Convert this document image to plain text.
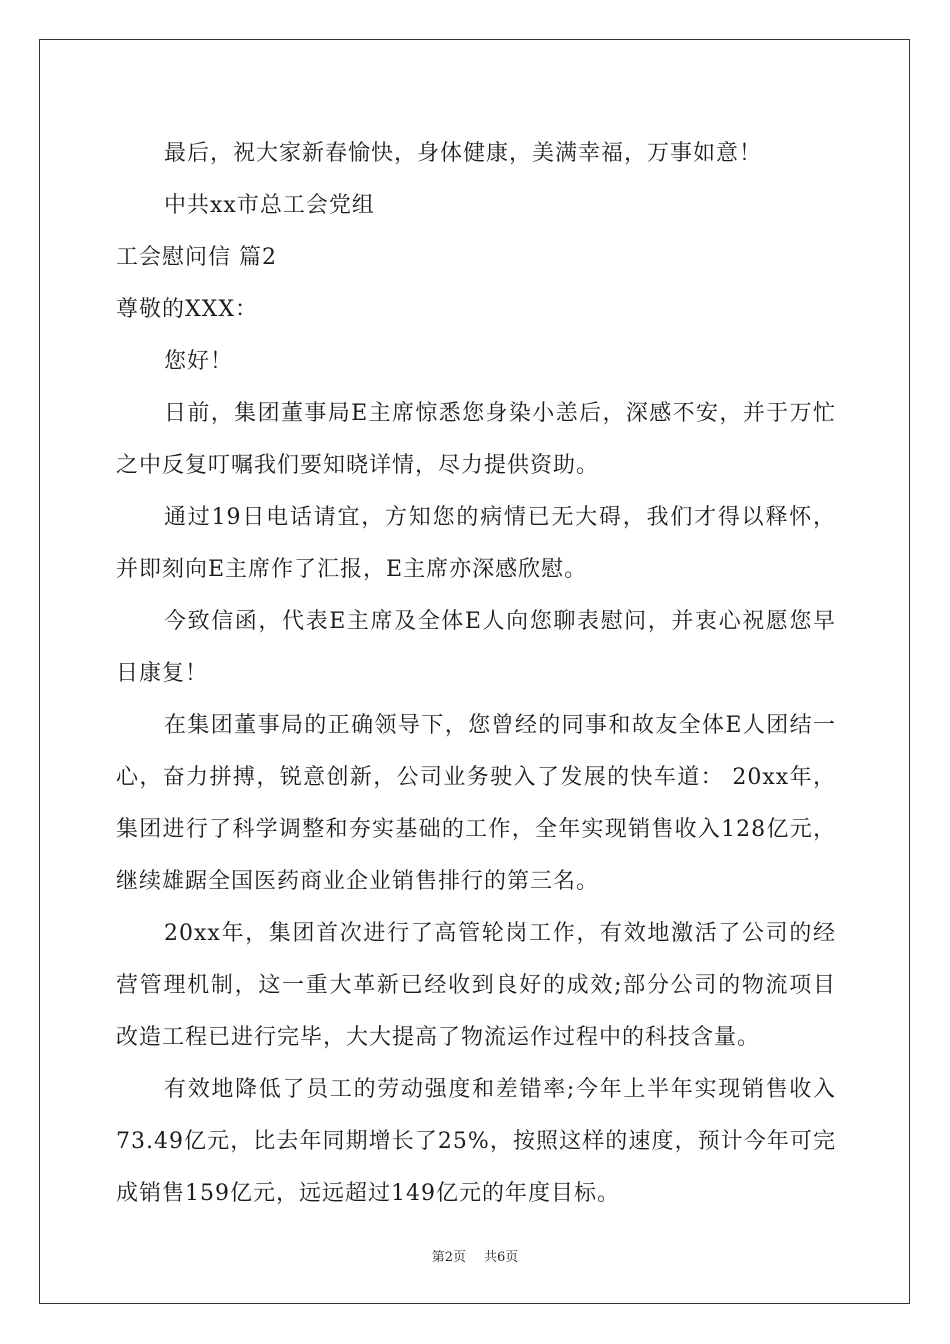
最后，祝大家新春愉快，身体健康，美满幸福，万事如意！

中共xx市总工会党组

工会慰问信 篇2

尊敬的XXX：

您好！

日前，集团董事局E主席惊悉您身染小恙后，深感不安，并于万忙之中反复叮嘱我们要知晓详情，尽力提供资助。

通过19日电话请宜，方知您的病情已无大碍，我们才得以释怀，并即刻向E主席作了汇报，E主席亦深感欣慰。

今致信函，代表E主席及全体E人向您聊表慰问，并衷心祝愿您早日康复！

在集团董事局的正确领导下，您曾经的同事和故友全体E人团结一心，奋力拼搏，锐意创新，公司业务驶入了发展的快车道： 20xx年，集团进行了科学调整和夯实基础的工作，全年实现销售收入128亿元，继续雄踞全国医药商业企业销售排行的第三名。

20xx年，集团首次进行了高管轮岗工作，有效地激活了公司的经营管理机制，这一重大革新已经收到良好的成效;部分公司的物流项目改造工程已进行完毕，大大提高了物流运作过程中的科技含量。

有效地降低了员工的劳动强度和差错率;今年上半年实现销售收入73.49亿元，比去年同期增长了25%，按照这样的速度，预计今年可完成销售159亿元，远远超过149亿元的年度目标。

第2页 共6页
